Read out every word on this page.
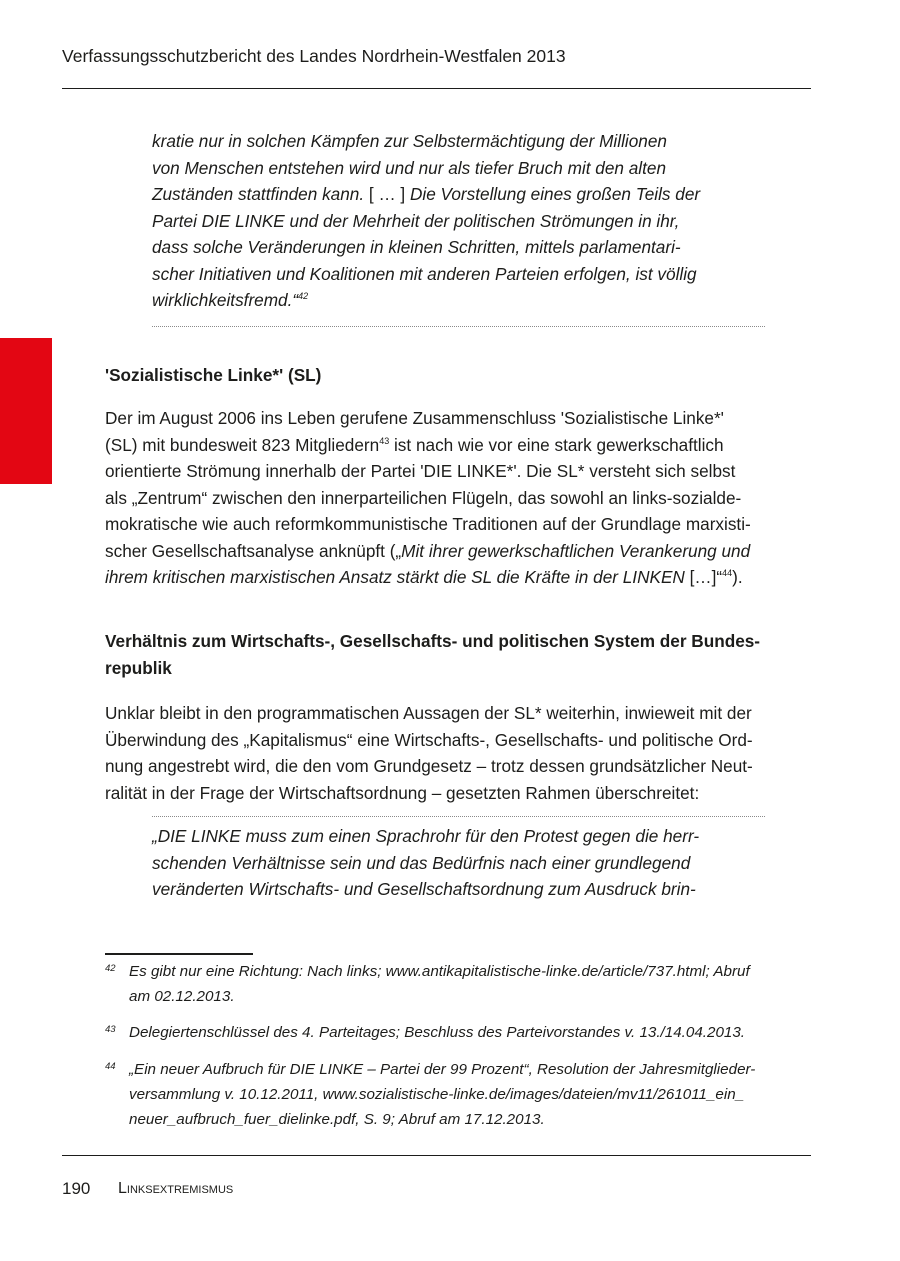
Verfassungsschutzbericht des Landes Nordrhein-Westfalen 2013
kratie nur in solchen Kämpfen zur Selbstermächtigung der Millionen
von Menschen entstehen wird und nur als tiefer Bruch mit den alten
Zuständen stattfinden kann. [ … ] Die Vorstellung eines großen Teils der
Partei DIE LINKE und der Mehrheit der politischen Strömungen in ihr,
dass solche Veränderungen in kleinen Schritten, mittels parlamentari-
scher Initiativen und Koalitionen mit anderen Parteien erfolgen, ist völlig
wirklichkeitsfremd.“$^{42}$
'Sozialistische Linke*' (SL)
Der im August 2006 ins Leben gerufene Zusammenschluss 'Sozialistische Linke*'
(SL) mit bundesweit 823 Mitgliedern$^{43}$ ist nach wie vor eine stark gewerkschaftlich
orientierte Strömung innerhalb der Partei 'DIE LINKE*'. Die SL* versteht sich selbst
als „Zentrum“ zwischen den innerparteilichen Flügeln, das sowohl an links-sozialde-
mokratische wie auch reformkommunistische Traditionen auf der Grundlage marxisti-
scher Gesellschaftsanalyse anknüpft („Mit ihrer gewerkschaftlichen Verankerung und
ihrem kritischen marxistischen Ansatz stärkt die SL die Kräfte in der LINKEN […]“$^{44}$).
Verhältnis zum Wirtschafts-, Gesellschafts- und politischen System der Bundes-
republik
Unklar bleibt in den programmatischen Aussagen der SL* weiterhin, inwieweit mit der
Überwindung des „Kapitalismus“ eine Wirtschafts-, Gesellschafts- und politische Ord-
nung angestrebt wird, die den vom Grundgesetz – trotz dessen grundsätzlicher Neut-
ralität in der Frage der Wirtschaftsordnung – gesetzten Rahmen überschreitet:
„DIE LINKE muss zum einen Sprachrohr für den Protest gegen die herr-
schenden Verhältnisse sein und das Bedürfnis nach einer grundlegend
veränderten Wirtschafts- und Gesellschaftsordnung zum Ausdruck brin-
42 Es gibt nur eine Richtung: Nach links; www.antikapitalistische-linke.de/article/737.html; Abruf
am 02.12.2013.
43 Delegiertenschlüssel des 4. Parteitages; Beschluss des Parteivorstandes v. 13./14.04.2013.
44 „Ein neuer Aufbruch für DIE LINKE – Partei der 99 Prozent“, Resolution der Jahresmitglieder-
versammlung v. 10.12.2011, www.sozialistische-linke.de/images/dateien/mv11/261011_ein_
neuer_aufbruch_fuer_dielinke.pdf, S. 9; Abruf am 17.12.2013.
190 Linksextremismus
